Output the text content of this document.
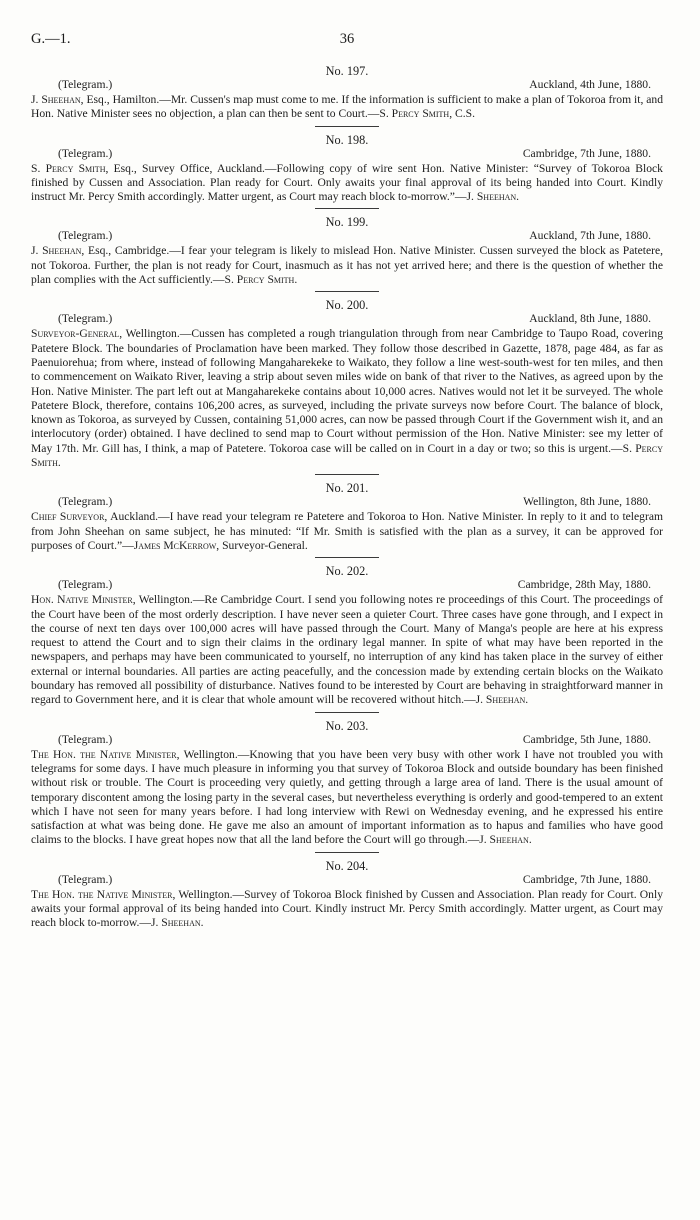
G.—1.	36
No. 197.
(Telegram.)	Auckland, 4th June, 1880.
J. Sheehan, Esq., Hamilton.—Mr. Cussen's map must come to me. If the information is sufficient to make a plan of Tokoroa from it, and Hon. Native Minister sees no objection, a plan can then be sent to Court.—S. Percy Smith, C.S.
No. 198.
(Telegram.)	Cambridge, 7th June, 1880.
S. Percy Smith, Esq., Survey Office, Auckland.—Following copy of wire sent Hon. Native Minister: “Survey of Tokoroa Block finished by Cussen and Association. Plan ready for Court. Only awaits your final approval of its being handed into Court. Kindly instruct Mr. Percy Smith accordingly. Matter urgent, as Court may reach block to-morrow.”—J. Sheehan.
No. 199.
(Telegram.)	Auckland, 7th June, 1880.
J. Sheehan, Esq., Cambridge.—I fear your telegram is likely to mislead Hon. Native Minister. Cussen surveyed the block as Patetere, not Tokoroa. Further, the plan is not ready for Court, inasmuch as it has not yet arrived here; and there is the question of whether the plan complies with the Act sufficiently.—S. Percy Smith.
No. 200.
(Telegram.)	Auckland, 8th June, 1880.
Surveyor-General, Wellington.—Cussen has completed a rough triangulation through from near Cambridge to Taupo Road, covering Patetere Block. The boundaries of Proclamation have been marked. They follow those described in Gazette, 1878, page 484, as far as Paenuiorehua; from where, instead of following Mangaharekeke to Waikato, they follow a line west-south-west for ten miles, and then to commencement on Waikato River, leaving a strip about seven miles wide on bank of that river to the Natives, as agreed upon by the Hon. Native Minister. The part left out at Mangaharekeke contains about 10,000 acres. Natives would not let it be surveyed. The whole Patetere Block, therefore, contains 106,200 acres, as surveyed, including the private surveys now before Court. The balance of block, known as Tokoroa, as surveyed by Cussen, containing 51,000 acres, can now be passed through Court if the Government wish it, and an interlocutory (order) obtained. I have declined to send map to Court without permission of the Hon. Native Minister: see my letter of May 17th. Mr. Gill has, I think, a map of Patetere. Tokoroa case will be called on in Court in a day or two; so this is urgent.—S. Percy Smith.
No. 201.
(Telegram.)	Wellington, 8th June, 1880.
Chief Surveyor, Auckland.—I have read your telegram re Patetere and Tokoroa to Hon. Native Minister. In reply to it and to telegram from John Sheehan on same subject, he has minuted: “If Mr. Smith is satisfied with the plan as a survey, it can be approved for purposes of Court.”—James McKerrow, Surveyor-General.
No. 202.
(Telegram.)	Cambridge, 28th May, 1880.
Hon. Native Minister, Wellington.—Re Cambridge Court. I send you following notes re proceedings of this Court. The proceedings of the Court have been of the most orderly description. I have never seen a quieter Court. Three cases have gone through, and I expect in the course of next ten days over 100,000 acres will have passed through the Court. Many of Manga's people are here at his express request to attend the Court and to sign their claims in the ordinary legal manner. In spite of what may have been reported in the newspapers, and perhaps may have been communicated to yourself, no interruption of any kind has taken place in the survey of either external or internal boundaries. All parties are acting peacefully, and the concession made by extending certain blocks on the Waikato boundary has removed all possibility of disturbance. Natives found to be interested by Court are behaving in straightforward manner in regard to Government here, and it is clear that whole amount will be recovered without hitch.—J. Sheehan.
No. 203.
(Telegram.)	Cambridge, 5th June, 1880.
The Hon. the Native Minister, Wellington.—Knowing that you have been very busy with other work I have not troubled you with telegrams for some days. I have much pleasure in informing you that survey of Tokoroa Block and outside boundary has been finished without risk or trouble. The Court is proceeding very quietly, and getting through a large area of land. There is the usual amount of temporary discontent among the losing party in the several cases, but nevertheless everything is orderly and good-tempered to an extent which I have not seen for many years before. I had long interview with Rewi on Wednesday evening, and he expressed his entire satisfaction at what was being done. He gave me also an amount of important information as to hapus and families who have good claims to the blocks. I have great hopes now that all the land before the Court will go through.—J. Sheehan.
No. 204.
(Telegram.)	Cambridge, 7th June, 1880.
The Hon. the Native Minister, Wellington.—Survey of Tokoroa Block finished by Cussen and Association. Plan ready for Court. Only awaits your formal approval of its being handed into Court. Kindly instruct Mr. Percy Smith accordingly. Matter urgent, as Court may reach block to-morrow.—J. Sheehan.
